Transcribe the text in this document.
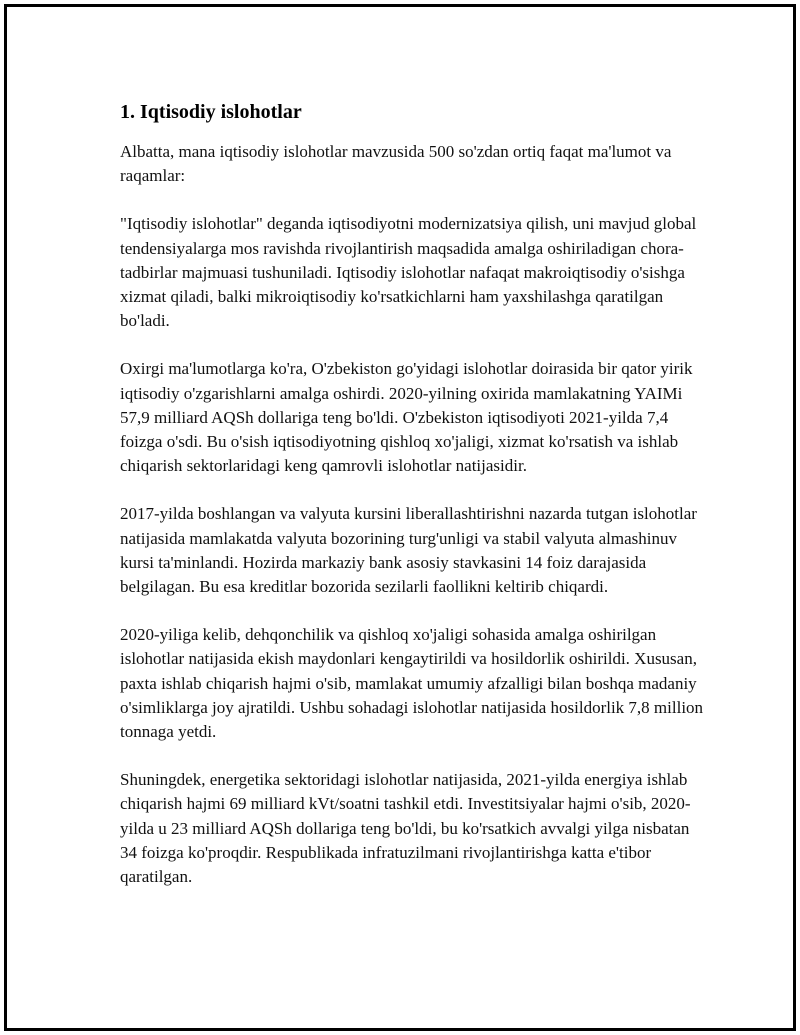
1. Iqtisodiy islohotlar

Albatta, mana iqtisodiy islohotlar mavzusida 500 so'zdan ortiq faqat ma'lumot va raqamlar:

"Iqtisodiy islohotlar" deganda iqtisodiyotni modernizatsiya qilish, uni mavjud global tendensiyalarga mos ravishda rivojlantirish maqsadida amalga oshiriladigan chora-tadbirlar majmuasi tushuniladi. Iqtisodiy islohotlar nafaqat makroiqtisodiy o'sishga xizmat qiladi, balki mikroiqtisodiy ko'rsatkichlarni ham yaxshilashga qaratilgan bo'ladi.

Oxirgi ma'lumotlarga ko'ra, O'zbekiston go'yidagi islohotlar doirasida bir qator yirik iqtisodiy o'zgarishlarni amalga oshirdi. 2020-yilning oxirida mamlakatning YAIMi 57,9 milliard AQSh dollariga teng bo'ldi. O'zbekiston iqtisodiyoti 2021-yilda 7,4 foizga o'sdi. Bu o'sish iqtisodiyotning qishloq xo'jaligi, xizmat ko'rsatish va ishlab chiqarish sektorlaridagi keng qamrovli islohotlar natijasidir.

2017-yilda boshlangan va valyuta kursini liberallashtirishni nazarda tutgan islohotlar natijasida mamlakatda valyuta bozorining turg'unligi va stabil valyuta almashinuv kursi ta'minlandi. Hozirda markaziy bank asosiy stavkasini 14 foiz darajasida belgilagan. Bu esa kreditlar bozorida sezilarli faollikni keltirib chiqardi.

2020-yiliga kelib, dehqonchilik va qishloq xo'jaligi sohasida amalga oshirilgan islohotlar natijasida ekish maydonlari kengaytirildi va hosildorlik oshirildi. Xususan, paxta ishlab chiqarish hajmi o'sib, mamlakat umumiy afzalligi bilan boshqa madaniy o'simliklarga joy ajratildi. Ushbu sohadagi islohotlar natijasida hosildorlik 7,8 million tonnaga yetdi.

Shuningdek, energetika sektoridagi islohotlar natijasida, 2021-yilda energiya ishlab chiqarish hajmi 69 milliard kVt/soatni tashkil etdi. Investitsiyalar hajmi o'sib, 2020-yilda u 23 milliard AQSh dollariga teng bo'ldi, bu ko'rsatkich avvalgi yilga nisbatan 34 foizga ko'proqdir. Respublikada infratuzilmani rivojlantirishga katta e'tibor qaratilgan.
